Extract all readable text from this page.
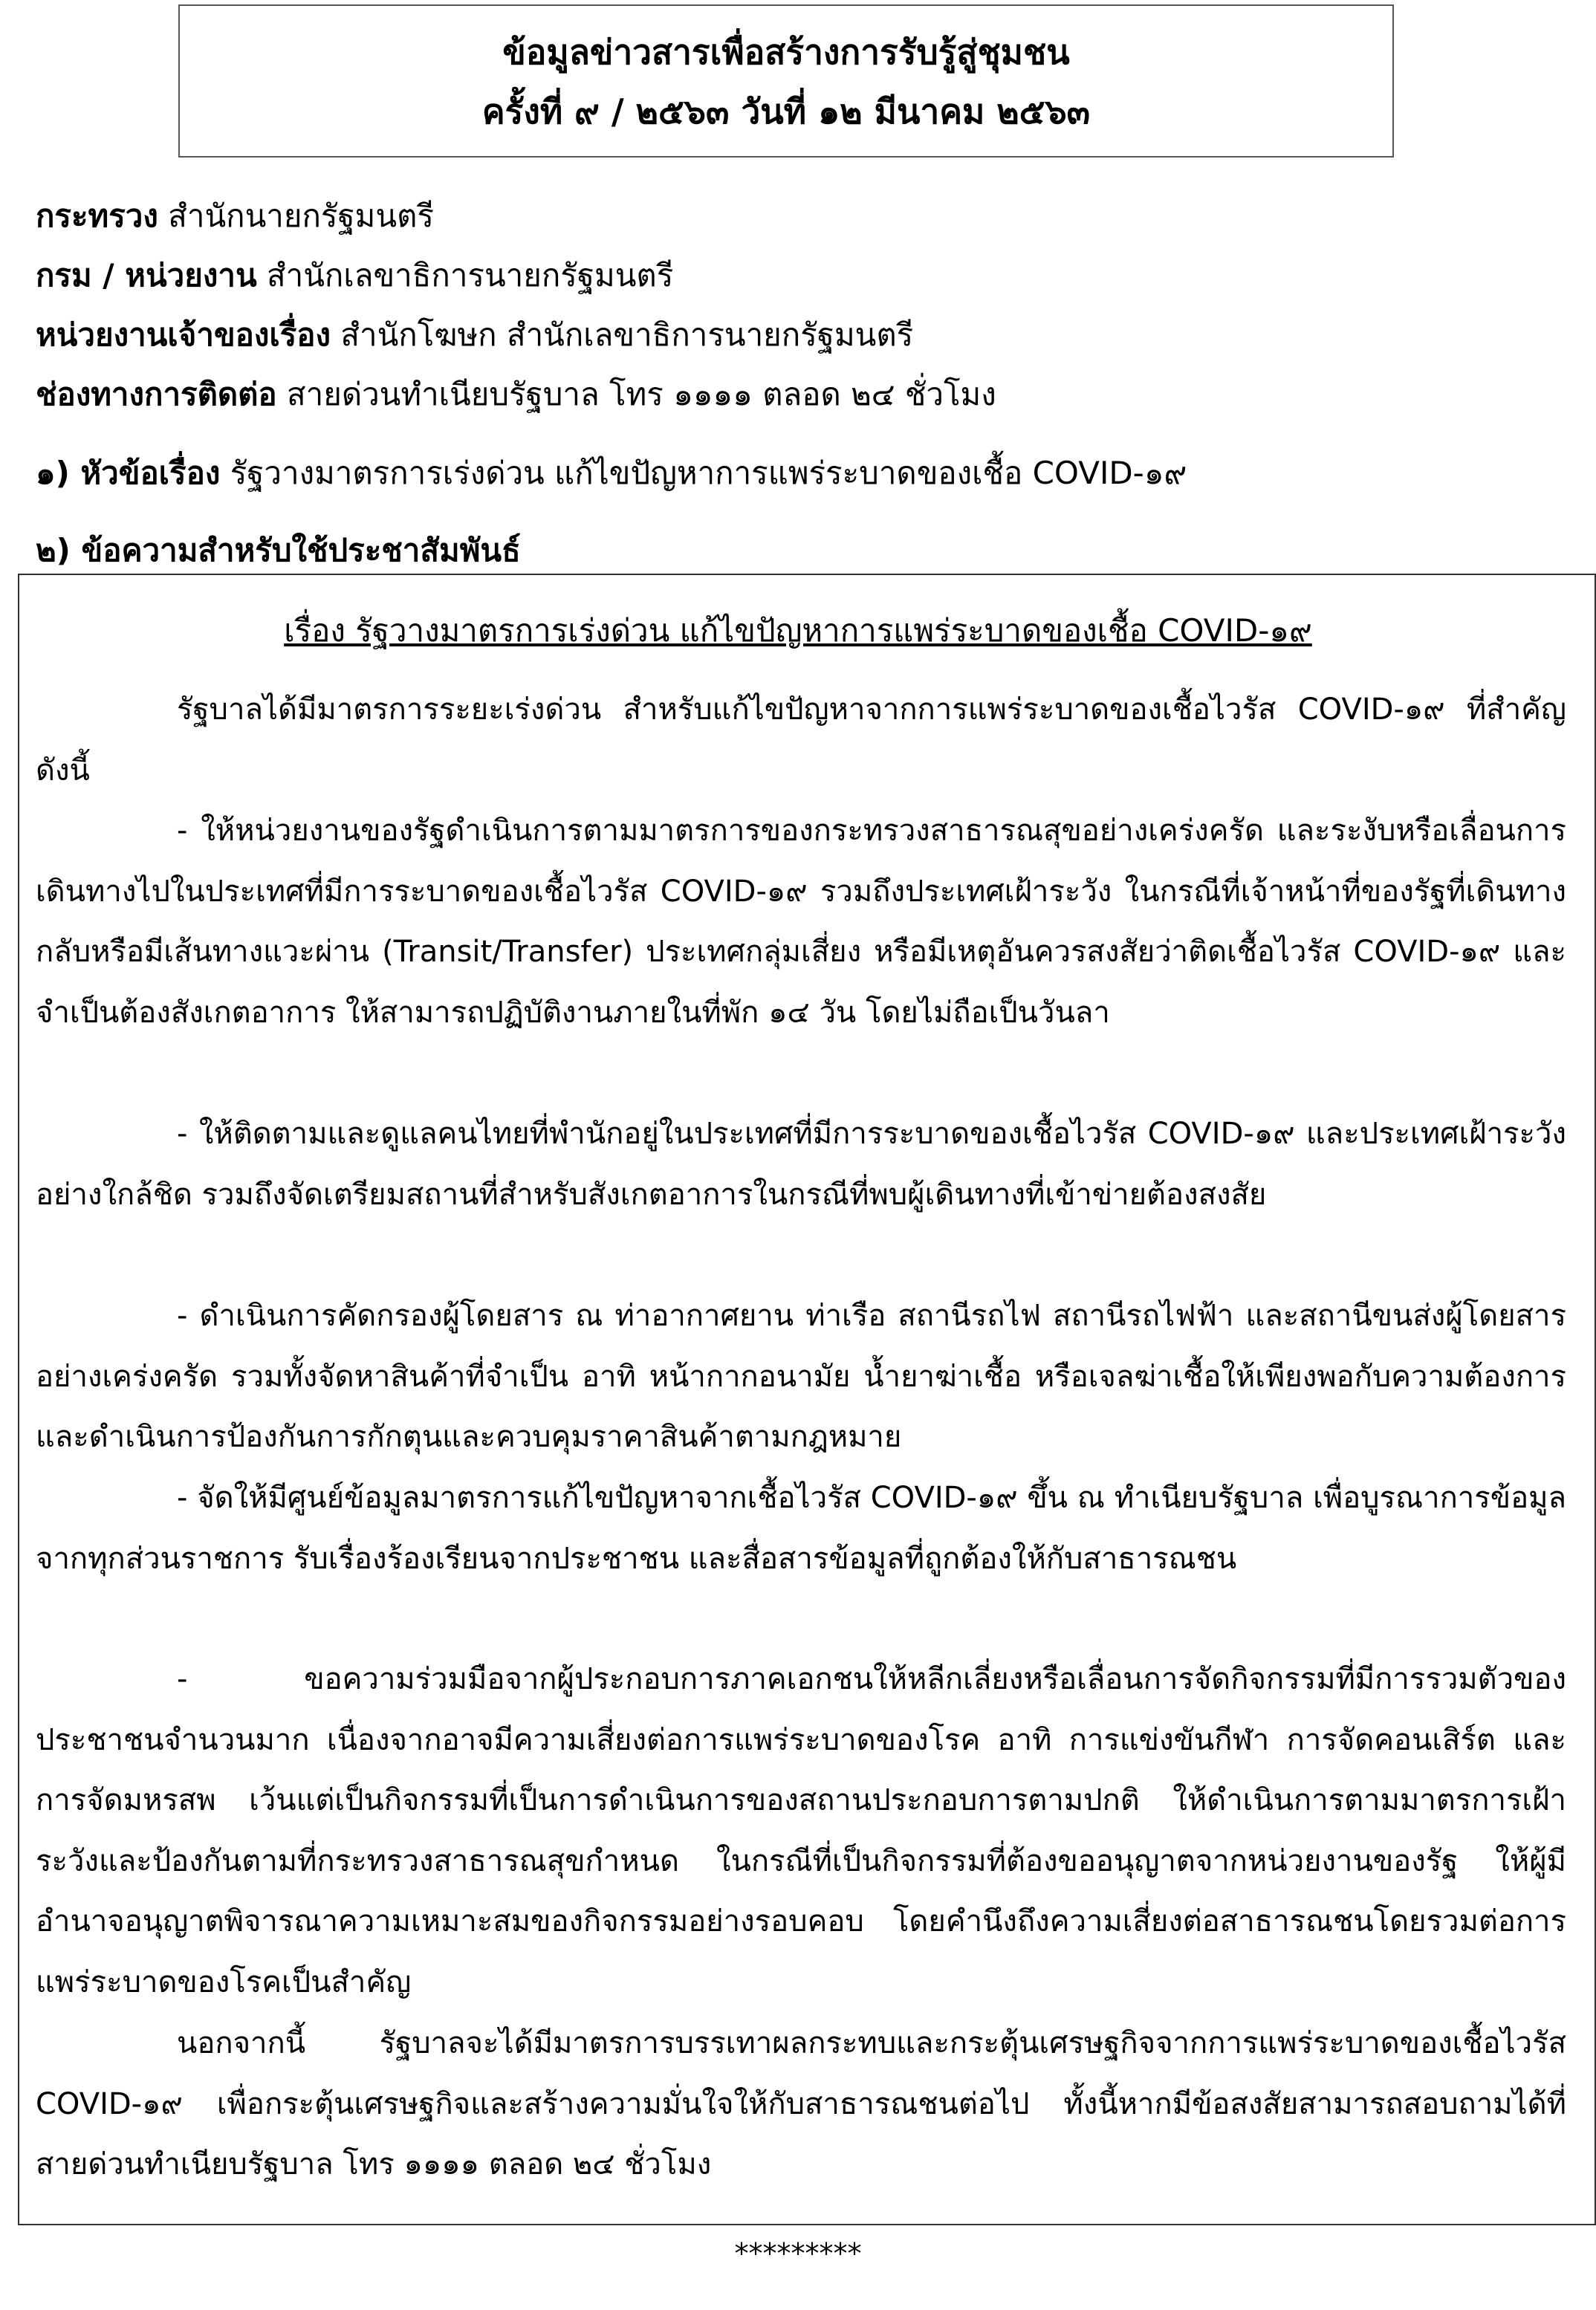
ข้อมูลข่าวสารเพื่อสร้างการรับรู้สู่ชุมชน
ครั้งที่ ๙ / ๒๕๖๓ วันที่ ๑๒ มีนาคม ๒๕๖๓
กระทรวง สำนักนายกรัฐมนตรี
กรม / หน่วยงาน สำนักเลขาธิการนายกรัฐมนตรี
หน่วยงานเจ้าของเรื่อง สำนักโฆษก สำนักเลขาธิการนายกรัฐมนตรี
ช่องทางการติดต่อ สายด่วนทำเนียบรัฐบาล โทร ๑๑๑๑ ตลอด ๒๔ ชั่วโมง
๑) หัวข้อเรื่อง รัฐวางมาตรการเร่งด่วน แก้ไขปัญหาการแพร่ระบาดของเชื้อ COVID-๑๙
๒) ข้อความสำหรับใช้ประชาสัมพันธ์
เรื่อง รัฐวางมาตรการเร่งด่วน แก้ไขปัญหาการแพร่ระบาดของเชื้อ COVID-๑๙
รัฐบาลได้มีมาตรการระยะเร่งด่วน สำหรับแก้ไขปัญหาจากการแพร่ระบาดของเชื้อไวรัส COVID-๑๙ ที่สำคัญดังนี้
- ให้หน่วยงานของรัฐดำเนินการตามมาตรการของกระทรวงสาธารณสุขอย่างเคร่งครัด และระงับหรือเลื่อนการเดินทางไปในประเทศที่มีการระบาดของเชื้อไวรัส COVID-๑๙ รวมถึงประเทศเฝ้าระวัง ในกรณีที่เจ้าหน้าที่ของรัฐที่เดินทางกลับหรือมีเส้นทางแวะผ่าน (Transit/Transfer) ประเทศกลุ่มเสี่ยง หรือมีเหตุอันควรสงสัยว่าติดเชื้อไวรัส COVID-๑๙ และจำเป็นต้องสังเกตอาการ ให้สามารถปฏิบัติงานภายในที่พัก ๑๔ วัน โดยไม่ถือเป็นวันลา
- ให้ติดตามและดูแลคนไทยที่พำนักอยู่ในประเทศที่มีการระบาดของเชื้อไวรัส COVID-๑๙ และประเทศเฝ้าระวังอย่างใกล้ชิด รวมถึงจัดเตรียมสถานที่สำหรับสังเกตอาการในกรณีที่พบผู้เดินทางที่เข้าข่ายต้องสงสัย
- ดำเนินการคัดกรองผู้โดยสาร ณ ท่าอากาศยาน ท่าเรือ สถานีรถไฟ สถานีรถไฟฟ้า และสถานีขนส่งผู้โดยสารอย่างเคร่งครัด รวมทั้งจัดหาสินค้าที่จำเป็น อาทิ หน้ากากอนามัย น้ำยาฆ่าเชื้อ หรือเจลฆ่าเชื้อให้เพียงพอกับความต้องการ และดำเนินการป้องกันการกักตุนและควบคุมราคาสินค้าตามกฎหมาย
- จัดให้มีศูนย์ข้อมูลมาตรการแก้ไขปัญหาจากเชื้อไวรัส COVID-๑๙ ขึ้น ณ ทำเนียบรัฐบาล เพื่อบูรณาการข้อมูลจากทุกส่วนราชการ รับเรื่องร้องเรียนจากประชาชน และสื่อสารข้อมูลที่ถูกต้องให้กับสาธารณชน
- ขอความร่วมมือจากผู้ประกอบการภาคเอกชนให้หลีกเลี่ยงหรือเลื่อนการจัดกิจกรรมที่มีการรวมตัวของประชาชนจำนวนมาก เนื่องจากอาจมีความเสี่ยงต่อการแพร่ระบาดของโรค อาทิ การแข่งขันกีฬา การจัดคอนเสิร์ต และการจัดมหรสพ เว้นแต่เป็นกิจกรรมที่เป็นการดำเนินการของสถานประกอบการตามปกติ ให้ดำเนินการตามมาตรการเฝ้าระวังและป้องกันตามที่กระทรวงสาธารณสุขกำหนด ในกรณีที่เป็นกิจกรรมที่ต้องขออนุญาตจากหน่วยงานของรัฐ ให้ผู้มีอำนาจอนุญาตพิจารณาความเหมาะสมของกิจกรรมอย่างรอบคอบ โดยคำนึงถึงความเสี่ยงต่อสาธารณชนโดยรวมต่อการแพร่ระบาดของโรคเป็นสำคัญ
นอกจากนี้ รัฐบาลจะได้มีมาตรการบรรเทาผลกระทบและกระตุ้นเศรษฐกิจจากการแพร่ระบาดของเชื้อไวรัส COVID-๑๙ เพื่อกระตุ้นเศรษฐกิจและสร้างความมั่นใจให้กับสาธารณชนต่อไป ทั้งนี้หากมีข้อสงสัยสามารถสอบถามได้ที่ สายด่วนทำเนียบรัฐบาล โทร ๑๑๑๑ ตลอด ๒๔ ชั่วโมง
*********
